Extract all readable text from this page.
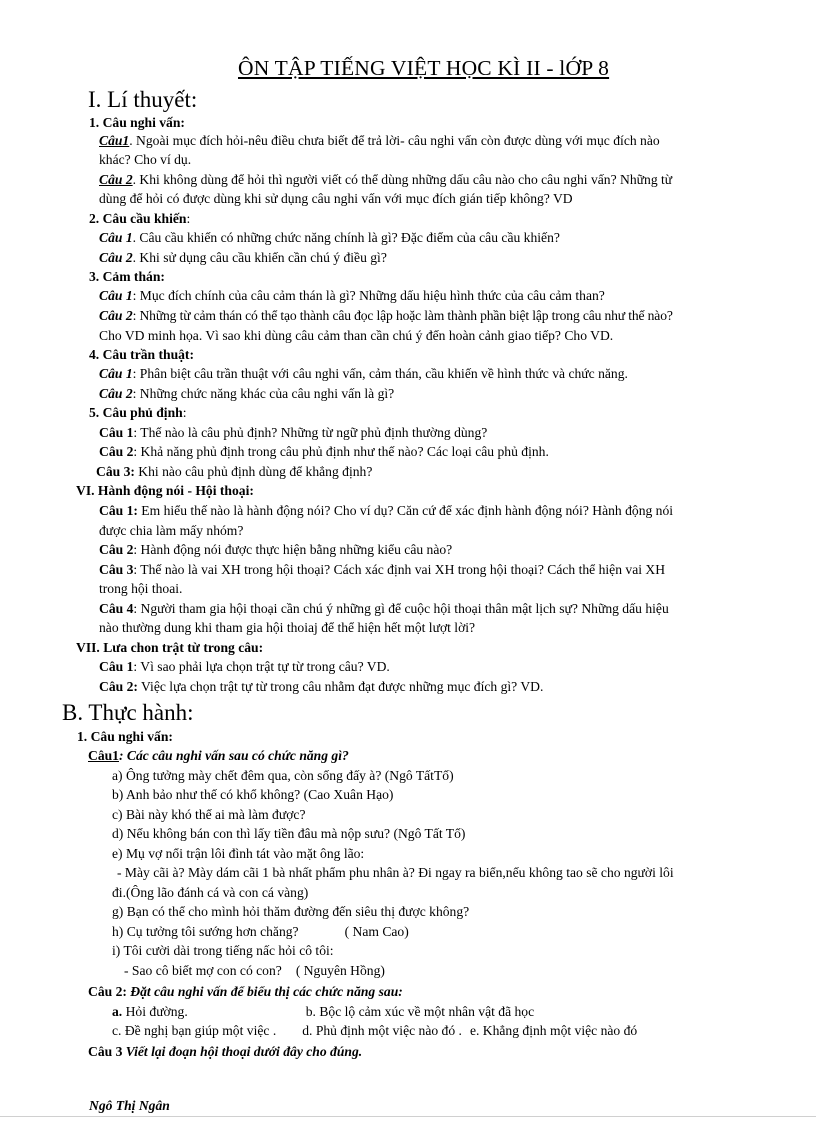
ÔN TẬP TIẾNG VIỆT HỌC KÌ II - lỚP 8
I. Lí thuyết:
1. Câu nghi vấn:
Câu1. Ngoài mục đích hỏi-nêu điều chưa biết để trả lời- câu nghi vấn còn được dùng với mục đích nào
khác? Cho ví dụ.
Câu 2. Khi không dùng để hỏi thì người viết có thể dùng những dấu câu nào cho câu nghi vấn? Những từ
dùng để hỏi có được dùng khi sử dụng câu nghi vấn với mục đích gián tiếp không? VD
2. Câu cầu khiến:
Câu 1. Câu cầu khiến có những chức năng chính là gì? Đặc điểm của câu cầu khiến?
Câu 2. Khi sử dụng câu cầu khiến cần chú ý điều gì?
3. Cảm thán:
Câu 1: Mục đích chính của câu cảm thán là gì? Những dấu hiệu hình thức của câu cảm than?
Câu 2: Những từ cảm thán có thể tạo thành câu đọc lập hoặc làm thành phần biệt lập trong câu như thế nào?
Cho VD minh họa. Vì sao khi dùng câu cảm than cần chú ý đến hoàn cảnh giao tiếp? Cho VD.
4. Câu trần thuật:
Câu 1: Phân biệt câu trần thuật với câu nghi vấn, cảm thán, cầu khiến về hình thức và chức năng.
Câu 2: Những chức năng khác của câu nghi vấn là gì?
5. Câu phủ định:
Câu 1: Thế nào là câu phủ định? Những từ ngữ phủ định thường dùng?
Câu 2: Khả năng phủ định trong câu phủ định như thế nào? Các loại câu phủ định.
Câu 3: Khi nào câu phủ định dùng để khẳng định?
VI. Hành động nói - Hội thoại:
Câu 1: Em hiểu thế nào là hành động nói? Cho ví dụ? Căn cứ để xác định hành động nói? Hành động nói
được chia làm mấy nhóm?
Câu 2: Hành động nói được thực hiện bằng những kiểu câu nào?
Câu 3: Thế nào là vai XH trong hội thoại? Cách xác định vai XH trong hội thoại? Cách thể hiện vai XH
trong hội thoai.
Câu 4: Người tham gia hội thoại cần chú ý những gì để cuộc hội thoại thân mật lịch sự? Những dấu hiệu
nào thường dung khi tham gia hội thoiaj để thể hiện hết một lượt lời?
VII. Lưa chon trật từ trong câu:
Câu 1: Vì sao phải lựa chọn trật tự từ trong câu? VD.
Câu 2: Việc lựa chọn trật tự từ trong câu nhằm đạt được những mục đích gì? VD.
B. Thực hành:
1. Câu nghi vấn:
Câu1: Các câu nghi vấn sau có chức năng gì?
a) Ông tưởng mày chết đêm qua, còn sống đấy à? (Ngô TấtTố)
b) Anh bảo như thế có khổ không? (Cao Xuân Hạo)
c) Bài này khó thế ai mà làm được?
d) Nếu không bán con thì lấy tiền đâu mà nộp sưu? (Ngô Tất Tố)
e) Mụ vợ nổi trận lôi đình tát vào mặt ông lão:
- Mày cãi à? Mày dám cãi 1 bà nhất phẩm phu nhân à? Đi ngay ra biển,nếu không tao sẽ cho người lôi
đi.(Ông lão đánh cá và con cá vàng)
g) Bạn có thể cho mình hỏi thăm đường đến siêu thị được không?
h) Cụ tưởng tôi sướng hơn chăng?	( Nam Cao)
i) Tôi cười dài trong tiếng nấc hỏi cô tôi:
- Sao cô biết mợ con có con? ( Nguyên Hồng)
Câu 2: Đặt câu nghi vấn để biểu thị các chức năng sau:
a. Hỏi đường.	b. Bộc lộ cảm xúc về một nhân vật đã học
c. Đề nghị bạn giúp một việc . d. Phủ định một việc nào đó . e. Khẳng định một việc nào đó
Câu 3 Viết lại đoạn hội thoại dưới đây cho đúng.
Ngô Thị Ngân
